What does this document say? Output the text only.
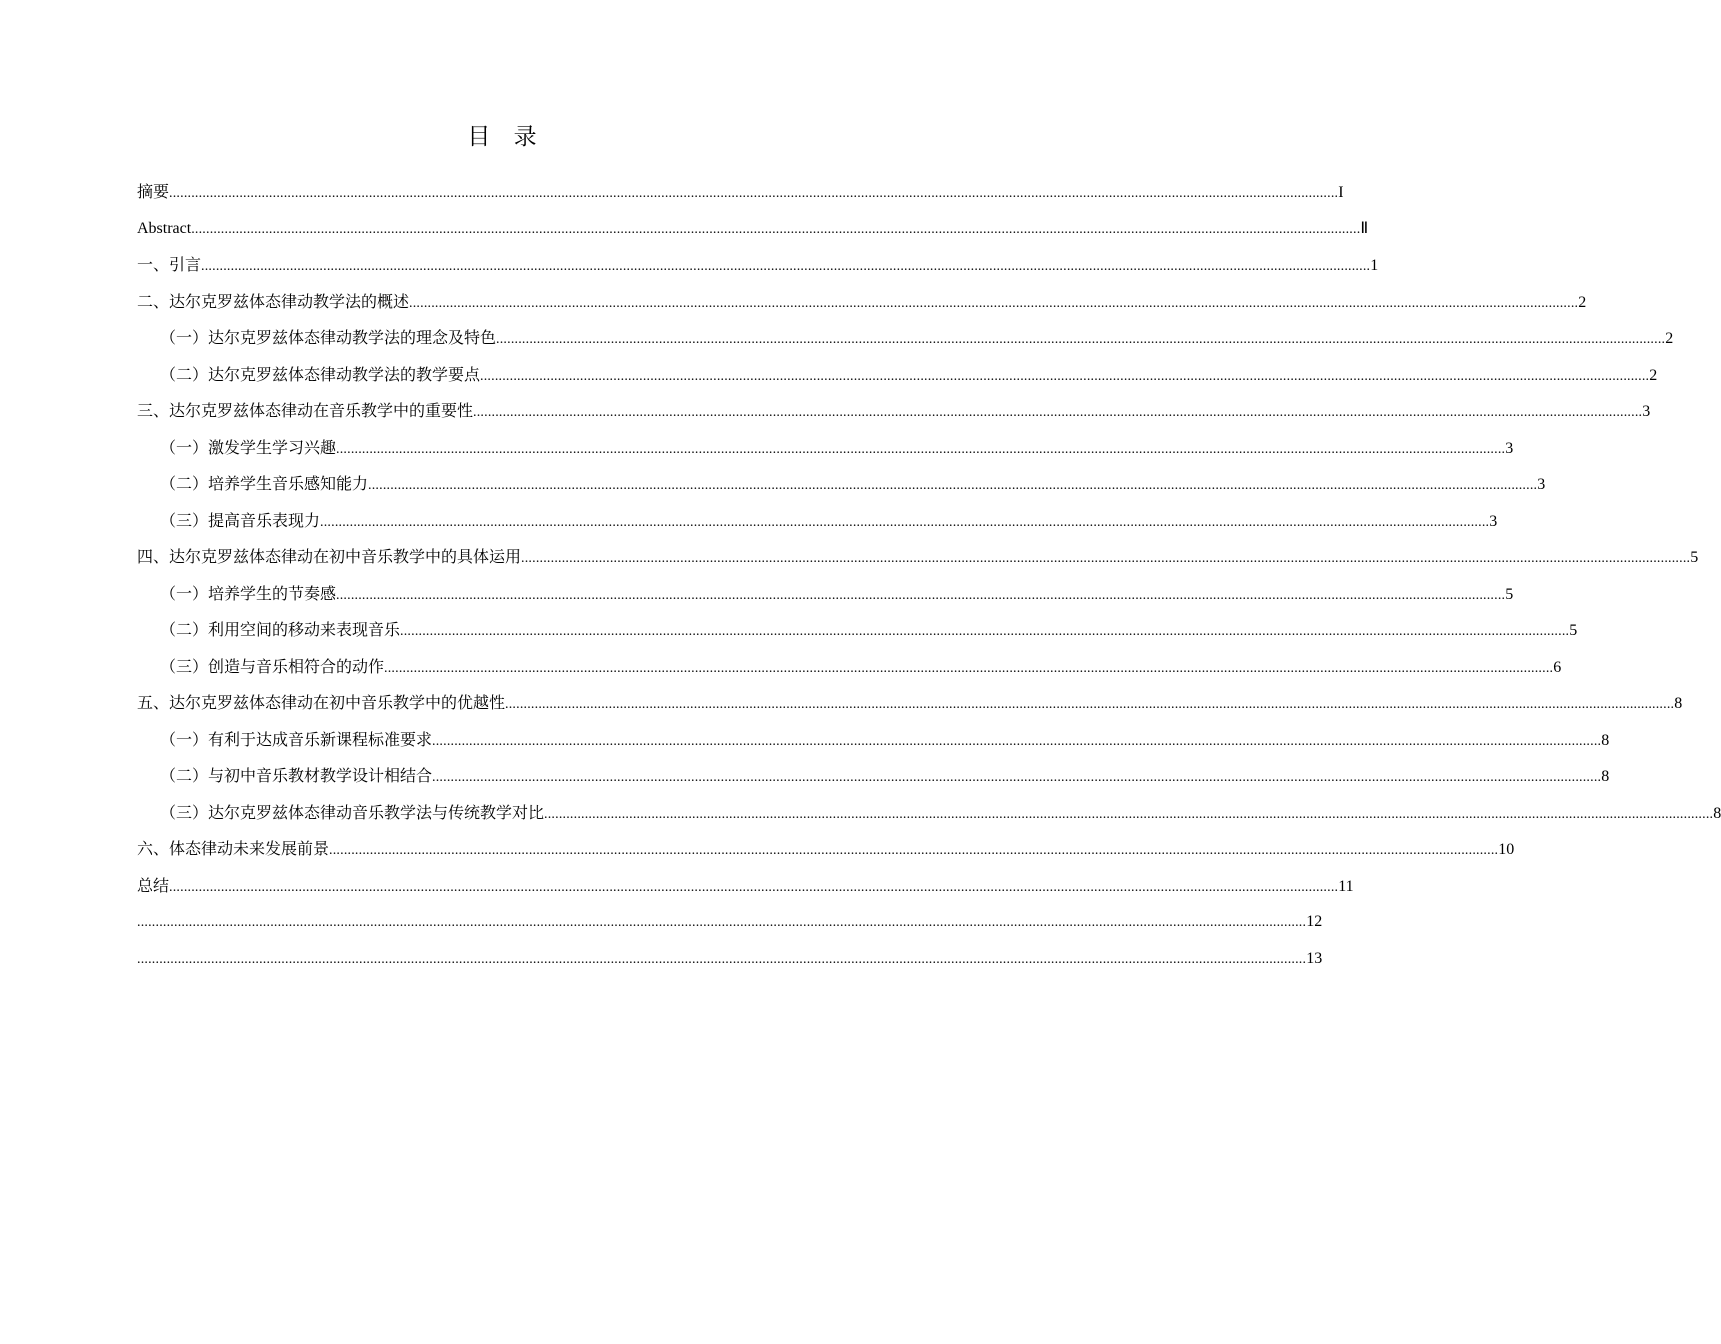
目 录
摘要 ............................................................................................................................................................................................................................................................................................................................ I
Abstract ............................................................................................................................................................................................................................................................................................................................ Ⅱ
一、引言 ............................................................................................................................................................................................................................................................................................................................ 1
二、达尔克罗兹体态律动教学法的概述 ............................................................................................................................................................................................................................................................................................................................ 2
（一）达尔克罗兹体态律动教学法的理念及特色 ............................................................................................................................................................................................................................................................................................................................ 2
（二）达尔克罗兹体态律动教学法的教学要点 ............................................................................................................................................................................................................................................................................................................................ 2
三、达尔克罗兹体态律动在音乐教学中的重要性 ............................................................................................................................................................................................................................................................................................................................ 3
（一）激发学生学习兴趣 ............................................................................................................................................................................................................................................................................................................................ 3
（二）培养学生音乐感知能力 ............................................................................................................................................................................................................................................................................................................................ 3
（三）提高音乐表现力 ............................................................................................................................................................................................................................................................................................................................ 3
四、达尔克罗兹体态律动在初中音乐教学中的具体运用 ............................................................................................................................................................................................................................................................................................................................ 5
（一）培养学生的节奏感 ............................................................................................................................................................................................................................................................................................................................ 5
（二）利用空间的移动来表现音乐 ............................................................................................................................................................................................................................................................................................................................ 5
（三）创造与音乐相符合的动作 ............................................................................................................................................................................................................................................................................................................................ 6
五、达尔克罗兹体态律动在初中音乐教学中的优越性 ............................................................................................................................................................................................................................................................................................................................ 8
（一）有利于达成音乐新课程标准要求 ............................................................................................................................................................................................................................................................................................................................ 8
（二）与初中音乐教材教学设计相结合 ............................................................................................................................................................................................................................................................................................................................ 8
（三）达尔克罗兹体态律动音乐教学法与传统教学对比 ............................................................................................................................................................................................................................................................................................................................ 8
六、体态律动未来发展前景 ............................................................................................................................................................................................................................................................................................................................ 10
总结 ............................................................................................................................................................................................................................................................................................................................ 11
............................................................................................................................................................................................................................................................................................................................ 12
............................................................................................................................................................................................................................................................................................................................ 13
